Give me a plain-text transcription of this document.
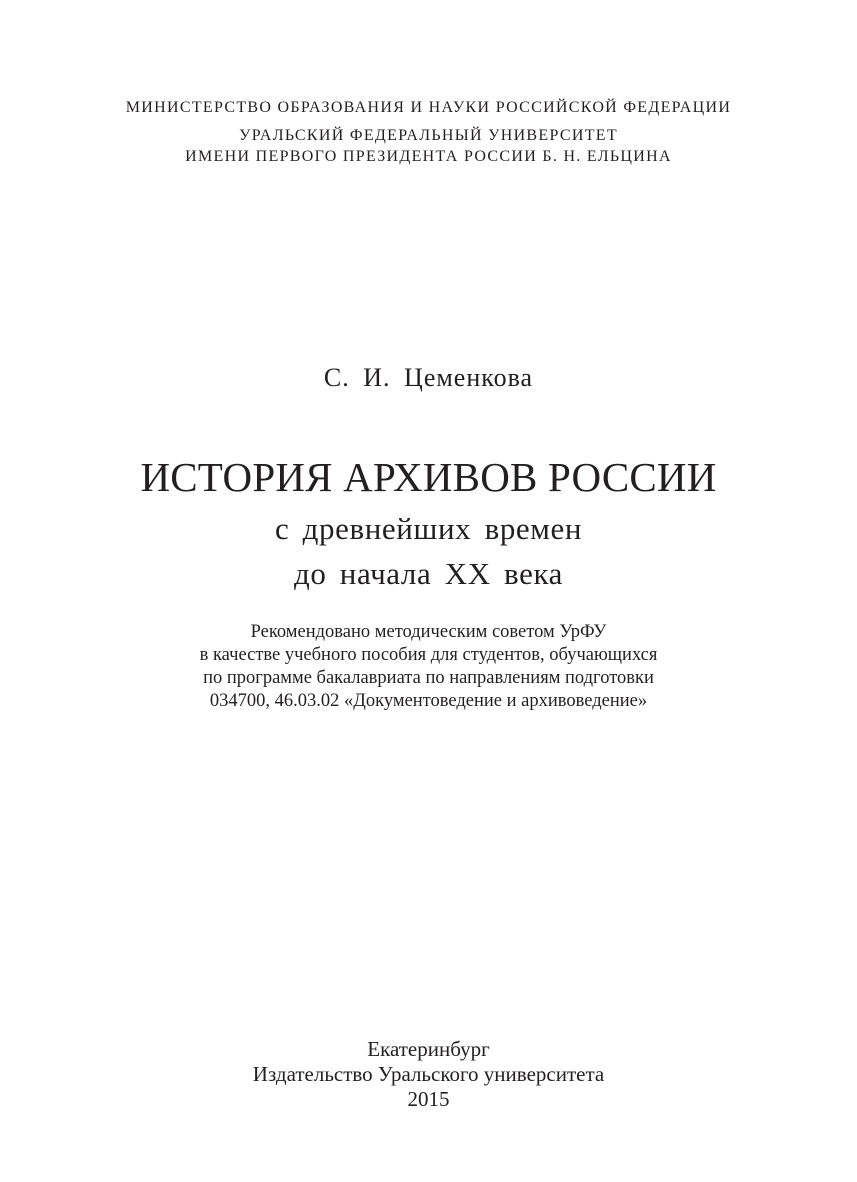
МИНИСТЕРСТВО ОБРАЗОВАНИЯ И НАУКИ РОССИЙСКОЙ ФЕДЕРАЦИИ
УРАЛЬСКИЙ ФЕДЕРАЛЬНЫЙ УНИВЕРСИТЕТ
ИМЕНИ ПЕРВОГО ПРЕЗИДЕНТА РОССИИ Б. Н. ЕЛЬЦИНА
С. И. Цеменкова
ИСТОРИЯ АРХИВОВ РОССИИ
с древнейших времен
до начала XX века
Рекомендовано методическим советом УрФУ
в качестве учебного пособия для студентов, обучающихся
по программе бакалавриата по направлениям подготовки
034700, 46.03.02 «Документоведение и архивоведение»
Екатеринбург
Издательство Уральского университета
2015
